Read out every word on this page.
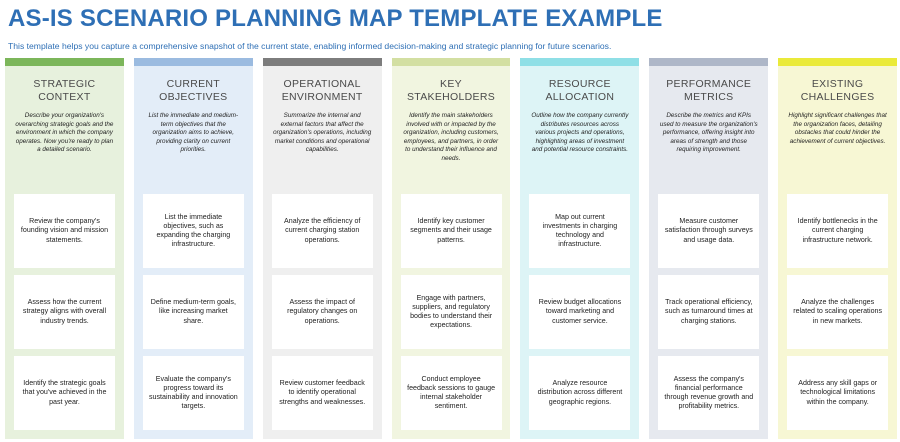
AS-IS SCENARIO PLANNING MAP TEMPLATE EXAMPLE
This template helps you capture a comprehensive snapshot of the current state, enabling informed decision-making and strategic planning for future scenarios.
STRATEGIC CONTEXT
Describe your organization's overarching strategic goals and the environment in which the company operates. Now you're ready to plan a detailed scenario.
Review the company's founding vision and mission statements.
Assess how the current strategy aligns with overall industry trends.
Identify the strategic goals that you've achieved in the past year.
CURRENT OBJECTIVES
List the immediate and medium-term objectives that the organization aims to achieve, providing clarity on current priorities.
List the immediate objectives, such as expanding the charging infrastructure.
Define medium-term goals, like increasing market share.
Evaluate the company's progress toward its sustainability and innovation targets.
OPERATIONAL ENVIRONMENT
Summarize the internal and external factors that affect the organization's operations, including market conditions and operational capabilities.
Analyze the efficiency of current charging station operations.
Assess the impact of regulatory changes on operations.
Review customer feedback to identify operational strengths and weaknesses.
KEY STAKEHOLDERS
Identify the main stakeholders involved with or impacted by the organization, including customers, employees, and partners, in order to understand their influence and needs.
Identify key customer segments and their usage patterns.
Engage with partners, suppliers, and regulatory bodies to understand their expectations.
Conduct employee feedback sessions to gauge internal stakeholder sentiment.
RESOURCE ALLOCATION
Outline how the company currently distributes resources across various projects and operations, highlighting areas of investment and potential resource constraints.
Map out current investments in charging technology and infrastructure.
Review budget allocations toward marketing and customer service.
Analyze resource distribution across different geographic regions.
PERFORMANCE METRICS
Describe the metrics and KPIs used to measure the organization's performance, offering insight into areas of strength and those requiring improvement.
Measure customer satisfaction through surveys and usage data.
Track operational efficiency, such as turnaround times at charging stations.
Assess the company's financial performance through revenue growth and profitability metrics.
EXISTING CHALLENGES
Highlight significant challenges that the organization faces, detailing obstacles that could hinder the achievement of current objectives.
Identify bottlenecks in the current charging infrastructure network.
Analyze the challenges related to scaling operations in new markets.
Address any skill gaps or technological limitations within the company.
